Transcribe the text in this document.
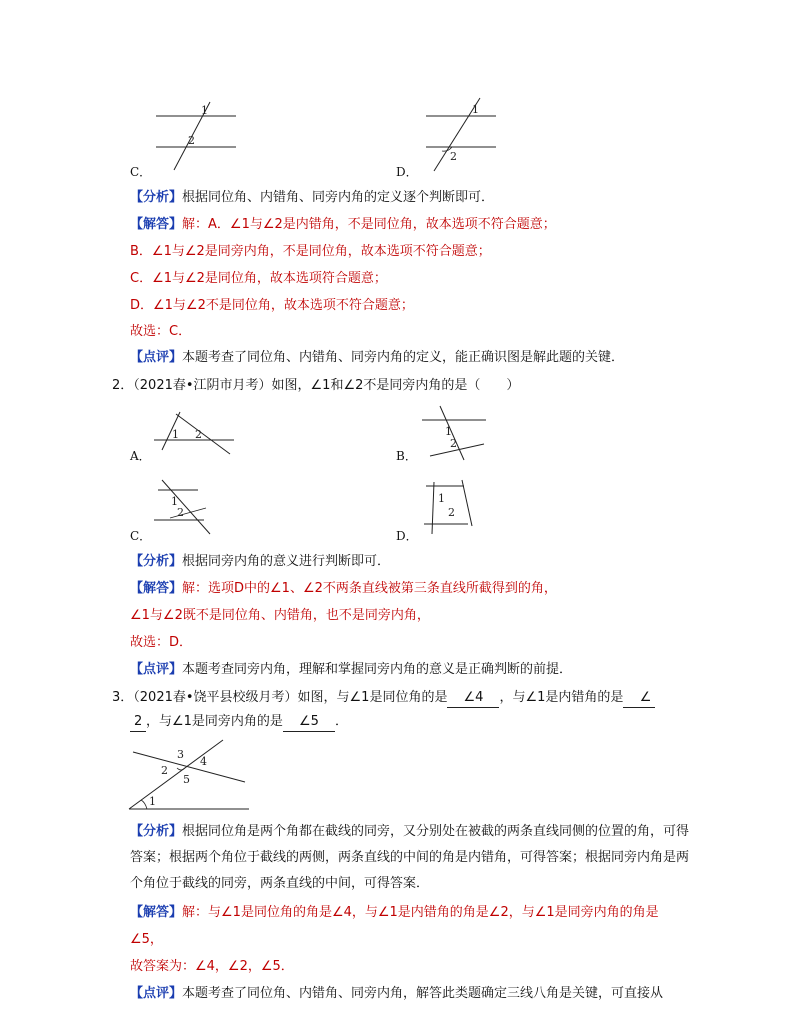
1
2
C．
1
2
D．
【分析】根据同位角、内错角、同旁内角的定义逐个判断即可．
【解答】解：A．∠1与∠2是内错角，不是同位角，故本选项不符合题意；
B．∠1与∠2是同旁内角，不是同位角，故本选项不符合题意；
C．∠1与∠2是同位角，故本选项符合题意；
D．∠1与∠2不是同位角，故本选项不符合题意；
故选：C．
【点评】本题考查了同位角、内错角、同旁内角的定义，能正确识图是解此题的关键．
2．（2021春•江阴市月考）如图，∠1和∠2不是同旁内角的是（　　）
1 2
A．
1
2
B．
1
2
C．
1
2
D．
【分析】根据同旁内角的意义进行判断即可．
【解答】解：选项D中的∠1、∠2不两条直线被第三条直线所截得到的角，
∠1与∠2既不是同位角、内错角，也不是同旁内角，
故选：D．
【点评】本题考查同旁内角，理解和掌握同旁内角的意义是正确判断的前提．
3．（2021春•饶平县校级月考）如图，与∠1是同位角的是 ∠4 ，与∠1是内错角的是 ∠
2 ，与∠1是同旁内角的是 ∠5 ．
3
4
2
5
1
【分析】根据同位角是两个角都在截线的同旁，又分别处在被截的两条直线同侧的位置的角，可得答案；根据两个角位于截线的两侧，两条直线的中间的角是内错角，可得答案；根据同旁内角是两个角位于截线的同旁，两条直线的中间，可得答案．
【解答】解：与∠1是同位角的角是∠4，与∠1是内错角的角是∠2，与∠1是同旁内角的角是
∠5，
故答案为：∠4，∠2，∠5．
【点评】本题考查了同位角、内错角、同旁内角，解答此类题确定三线八角是关键，可直接从
